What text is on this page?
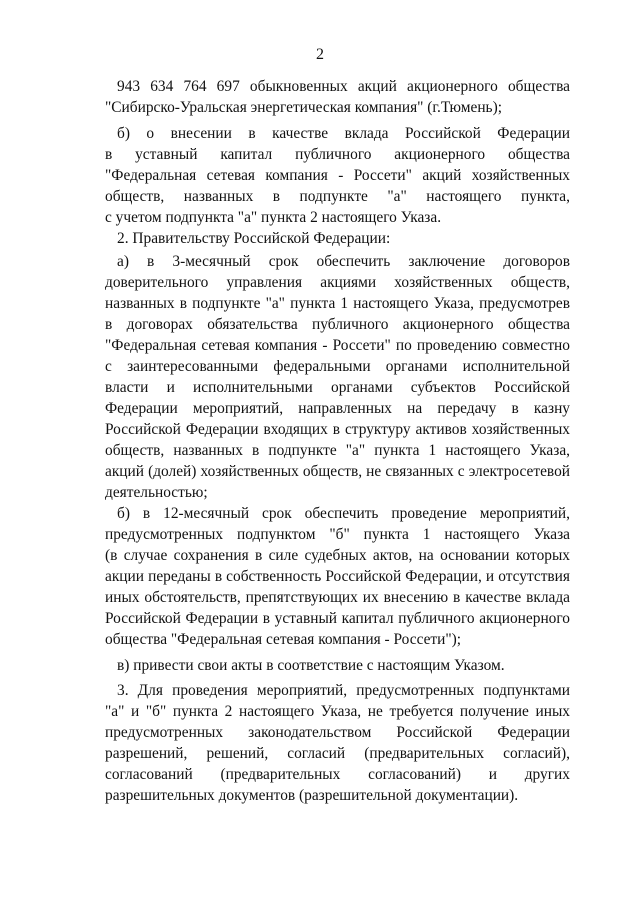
2
943 634 764 697 обыкновенных акций акционерного общества
"Сибирско-Уральская энергетическая компания" (г.Тюмень);
б) о внесении в качестве вклада Российской Федерации
в уставный капитал публичного акционерного общества
"Федеральная сетевая компания - Россети" акций хозяйственных
обществ, названных в подпункте "а" настоящего пункта,
с учетом подпункта "а" пункта 2 настоящего Указа.
2. Правительству Российской Федерации:
а) в 3-месячный срок обеспечить заключение договоров
доверительного управления акциями хозяйственных обществ,
названных в подпункте "а" пункта 1 настоящего Указа, предусмотрев
в договорах обязательства публичного акционерного общества
"Федеральная сетевая компания - Россети" по проведению совместно
с заинтересованными федеральными органами исполнительной
власти и исполнительными органами субъектов Российской
Федерации мероприятий, направленных на передачу в казну
Российской Федерации входящих в структуру активов хозяйственных
обществ, названных в подпункте "а" пункта 1 настоящего Указа,
акций (долей) хозяйственных обществ, не связанных с электросетевой
деятельностью;
б) в 12-месячный срок обеспечить проведение мероприятий,
предусмотренных подпунктом "б" пункта 1 настоящего Указа
(в случае сохранения в силе судебных актов, на основании которых
акции переданы в собственность Российской Федерации, и отсутствия
иных обстоятельств, препятствующих их внесению в качестве вклада
Российской Федерации в уставный капитал публичного акционерного
общества "Федеральная сетевая компания - Россети");
в) привести свои акты в соответствие с настоящим Указом.
3. Для проведения мероприятий, предусмотренных подпунктами
"а" и "б" пункта 2 настоящего Указа, не требуется получение иных
предусмотренных законодательством Российской Федерации
разрешений, решений, согласий (предварительных согласий),
согласований (предварительных согласований) и других
разрешительных документов (разрешительной документации).
